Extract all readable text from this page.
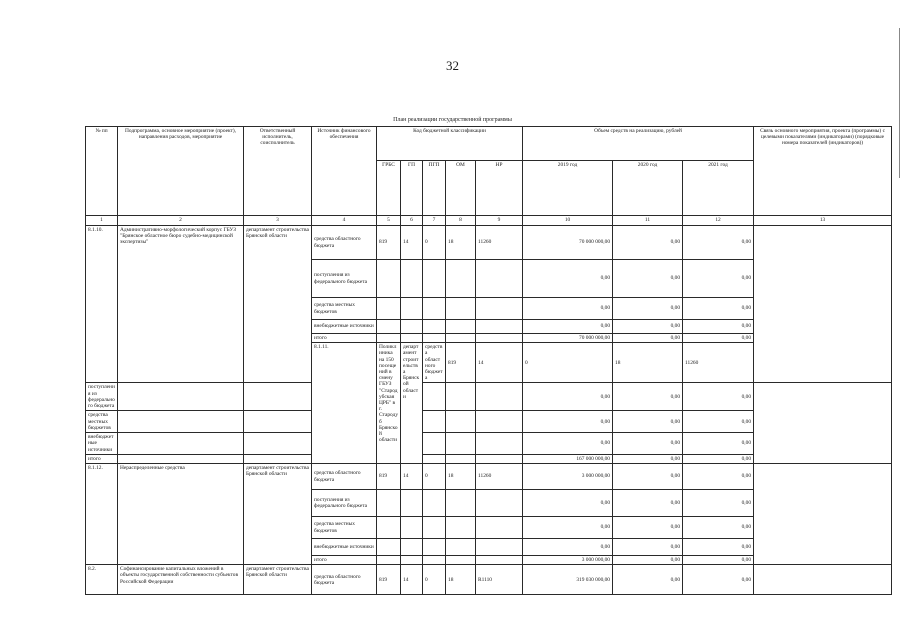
32
План реализации государственной программы
№ пп	Подпрограмма, основное мероприятие (проект), направления расходов, мероприятие	Ответственный исполнитель, соисполнитель	Источник финансового обеспечения	Код бюджетной классификации					Объем средств на реализацию, рублей			Связь основного мероприятия, проекта (программы) с целевыми показателями (индикаторами) (порядковые номера показателей (индикаторов))	
				ГРБС	ГП	ПГП	ОМ	НР	2019 год	2020 год	2021 год		
1	2	3	4	5	6	7	8	9	10	11	12	13	
8.1.10.	Административно-морфологический корпус ГБУЗ "Брянское областное бюро судебно-медицинской экспертизы"	департамент строительства Брянской области	средства областного бюджета	819	14	0	18	11260	70 000 000,00	0,00	0,00		
			поступления из федерального бюджета						0,00	0,00	0,00		
			средства местных бюджетов						0,00	0,00	0,00		
			внебюджетные источники						0,00	0,00	0,00		
			итого						70 000 000,00	0,00	0,00		
			8.1.11.	Поликлиника на 150 посещений в смену ГБУЗ "Стародубская ЦРБ" в г. Стародуб Брянской области	департамент строительства Брянской области	средства областного бюджета	819	14	0	18	11260				
поступления из федерального бюджета									0,00	0,00	0,00		
средства местных бюджетов									0,00	0,00	0,00		
внебюджетные источники									0,00	0,00	0,00		
итого									167 000 000,00	0,00	0,00		
8.1.12.	Нераспределенные средства	департамент строительства Брянской области	средства областного бюджета	819	14	0	18	11260	3 000 000,00	0,00	0,00		
			поступления из федерального бюджета						0,00	0,00	0,00		
			средства местных бюджетов						0,00	0,00	0,00		
			внебюджетные источники						0,00	0,00	0,00		
			итого						3 000 000,00	0,00	0,00		
8.2.	Софинансирование капитальных вложений в объекты государственной собственности субъектов Российской Федерации	департамент строительства Брянской области	средства областного бюджета	819	14	0	18	R1110	319 030 000,00	0,00	0,00		
